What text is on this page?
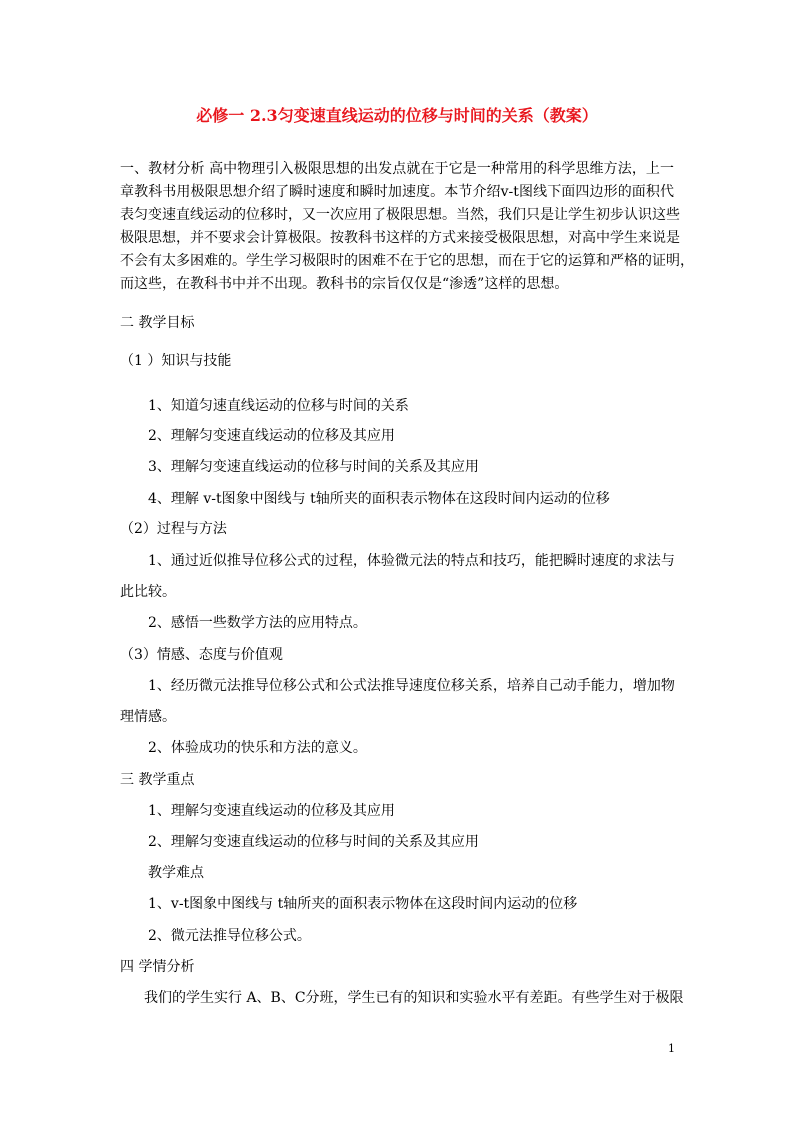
必修一 2.3匀变速直线运动的位移与时间的关系（教案）
一、教材分析 高中物理引入极限思想的出发点就在于它是一种常用的科学思维方法，上一
章教科书用极限思想介绍了瞬时速度和瞬时加速度。本节介绍v-t图线下面四边形的面积代
表匀变速直线运动的位移时，又一次应用了极限思想。当然，我们只是让学生初步认识这些
极限思想，并不要求会计算极限。按教科书这样的方式来接受极限思想，对高中学生来说是
不会有太多困难的。学生学习极限时的困难不在于它的思想，而在于它的运算和严格的证明，
而这些，在教科书中并不出现。教科书的宗旨仅仅是“渗透”这样的思想。
二 教学目标
（1 ）知识与技能
1、知道匀速直线运动的位移与时间的关系
2、理解匀变速直线运动的位移及其应用
3、理解匀变速直线运动的位移与时间的关系及其应用
4、理解 v-t图象中图线与 t轴所夹的面积表示物体在这段时间内运动的位移
（2）过程与方法
1、通过近似推导位移公式的过程，体验微元法的特点和技巧，能把瞬时速度的求法与
此比较。
2、感悟一些数学方法的应用特点。
（3）情感、态度与价值观
1、经历微元法推导位移公式和公式法推导速度位移关系，培养自己动手能力，增加物
理情感。
2、体验成功的快乐和方法的意义。
三 教学重点
1、理解匀变速直线运动的位移及其应用
2、理解匀变速直线运动的位移与时间的关系及其应用
教学难点
1、v-t图象中图线与 t轴所夹的面积表示物体在这段时间内运动的位移
2、微元法推导位移公式。
四 学情分析
我们的学生实行 A、B、C分班，学生已有的知识和实验水平有差距。有些学生对于极限
1
